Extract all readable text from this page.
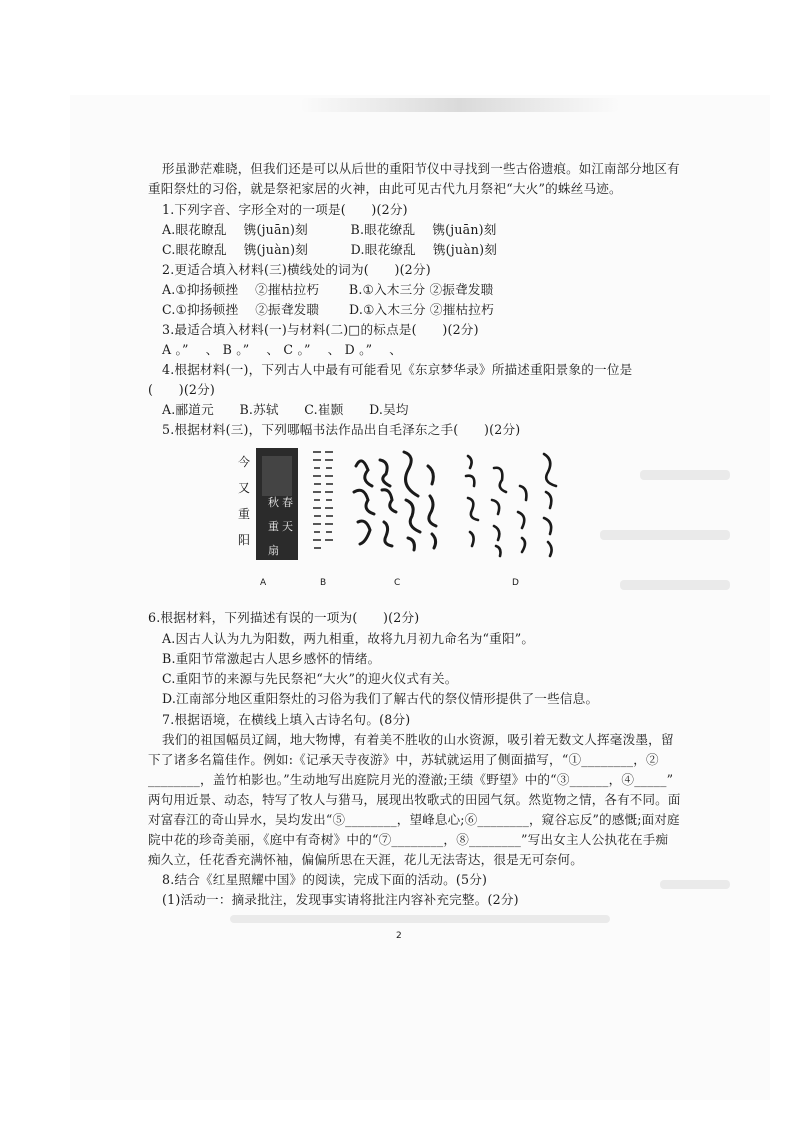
形虽渺茫难晓，但我们还是可以从后世的重阳节仪中寻找到一些古俗遗痕。如江南部分地区有
重阳祭灶的习俗，就是祭祀家居的火神，由此可见古代九月祭祀“大火”的蛛丝马迹。
1.下列字音、字形全对的一项是(　　)(2分)
A.眼花瞭乱　 镌(juān)刻　　　 B.眼花缭乱　 镌(juān)刻
C.眼花瞭乱　 镌(juàn)刻　　　 D.眼花缭乱　 镌(juàn)刻
2.更适合填入材料(三)横线处的词为(　　)(2分)
A.①抑扬顿挫　 ②摧枯拉朽　　 B.①入木三分 ②振聋发聩
C.①抑扬顿挫　 ②振聋发聩　　 D.①入木三分 ②摧枯拉朽
3.最适合填入材料(一)与材料(二)□的标点是(　　)(2分)
A 。”　 、 B 。”　 、 C 。”　 、 D 。”　 、
4.根据材料(一)，下列古人中最有可能看见《东京梦华录》所描述重阳景象的一位是
(　　)(2分)
A.郦道元　　B.苏轼　　C.崔颢　　D.吴均
5.根据材料(三)，下列哪幅书法作品出自毛泽东之手(　　)(2分)
今
又
重
阳
秋
重
扇
春
天
A	B	C	D
6.根据材料，下列描述有误的一项为(　　)(2分)
A.因古人认为九为阳数，两九相重，故将九月初九命名为“重阳”。
B.重阳节常激起古人思乡感怀的情绪。
C.重阳节的来源与先民祭祀“大火”的迎火仪式有关。
D.江南部分地区重阳祭灶的习俗为我们了解古代的祭仪情形提供了一些信息。
7.根据语境，在横线上填入古诗名句。(8分)
我们的祖国幅员辽阔，地大物博，有着美不胜收的山水资源，吸引着无数文人挥毫泼墨，留
下了诸多名篇佳作。例如:《记承天寺夜游》中，苏轼就运用了侧面描写，“①________，②
________，盖竹柏影也。”生动地写出庭院月光的澄澈;王绩《野望》中的“③______，④_____”
两句用近景、动态，特写了牧人与猎马，展现出牧歌式的田园气氛。然览物之情，各有不同。面
对富春江的奇山异水，吴均发出“⑤________，望峰息心;⑥________，窥谷忘反”的感慨;面对庭
院中花的珍奇美丽，《庭中有奇树》中的“⑦________，⑧________”写出女主人公执花在手痴
痴久立，任花香充满怀袖，偏偏所思在天涯，花儿无法寄达，很是无可奈何。
8.结合《红星照耀中国》的阅读，完成下面的活动。(5分)
(1)活动一：摘录批注，发现事实请将批注内容补充完整。(2分)
2
